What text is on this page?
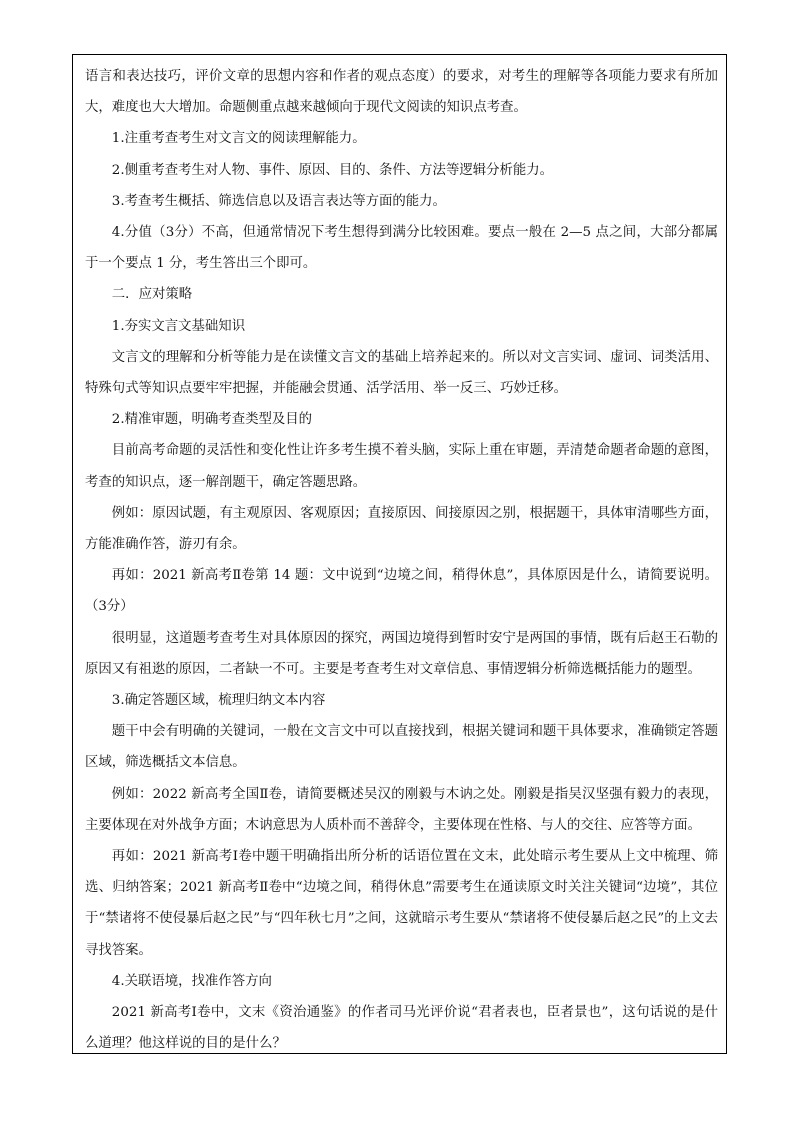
语言和表达技巧，评价文章的思想内容和作者的观点态度）的要求，对考生的理解等各项能力要求有所加大，难度也大大增加。命题侧重点越来越倾向于现代文阅读的知识点考查。

1.注重考查考生对文言文的阅读理解能力。

2.侧重考查考生对人物、事件、原因、目的、条件、方法等逻辑分析能力。

3.考查考生概括、筛选信息以及语言表达等方面的能力。

4.分值（3分）不高，但通常情况下考生想得到满分比较困难。要点一般在 2—5 点之间，大部分都属于一个要点 1 分，考生答出三个即可。

二．应对策略

1.夯实文言文基础知识

文言文的理解和分析等能力是在读懂文言文的基础上培养起来的。所以对文言实词、虚词、词类活用、特殊句式等知识点要牢牢把握，并能融会贯通、活学活用、举一反三、巧妙迁移。

2.精准审题，明确考查类型及目的

目前高考命题的灵活性和变化性让许多考生摸不着头脑，实际上重在审题，弄清楚命题者命题的意图，考查的知识点，逐一解剖题干，确定答题思路。

例如：原因试题，有主观原因、客观原因；直接原因、间接原因之别，根据题干，具体审清哪些方面，方能准确作答，游刃有余。

再如：2021 新高考Ⅱ卷第 14 题：文中说到“边境之间，稍得休息”，具体原因是什么，请简要说明。（3分）

很明显，这道题考查考生对具体原因的探究，两国边境得到暂时安宁是两国的事情，既有后赵王石勒的原因又有祖逖的原因，二者缺一不可。主要是考查考生对文章信息、事情逻辑分析筛选概括能力的题型。

3.确定答题区域，梳理归纳文本内容

题干中会有明确的关键词，一般在文言文中可以直接找到，根据关键词和题干具体要求，准确锁定答题区域，筛选概括文本信息。

例如：2022 新高考全国Ⅱ卷，请简要概述吴汉的刚毅与木讷之处。刚毅是指吴汉坚强有毅力的表现，主要体现在对外战争方面；木讷意思为人质朴而不善辞令，主要体现在性格、与人的交往、应答等方面。

再如：2021 新高考Ⅰ卷中题干明确指出所分析的话语位置在文末，此处暗示考生要从上文中梳理、筛选、归纳答案；2021 新高考Ⅱ卷中“边境之间，稍得休息”需要考生在通读原文时关注关键词“边境”，其位于“禁诸将不使侵暴后赵之民”与“四年秋七月”之间，这就暗示考生要从“禁诸将不使侵暴后赵之民”的上文去寻找答案。

4.关联语境，找准作答方向

2021 新高考Ⅰ卷中，文末《资治通鉴》的作者司马光评价说“君者表也，臣者景也”，这句话说的是什么道理？他这样说的目的是什么？
